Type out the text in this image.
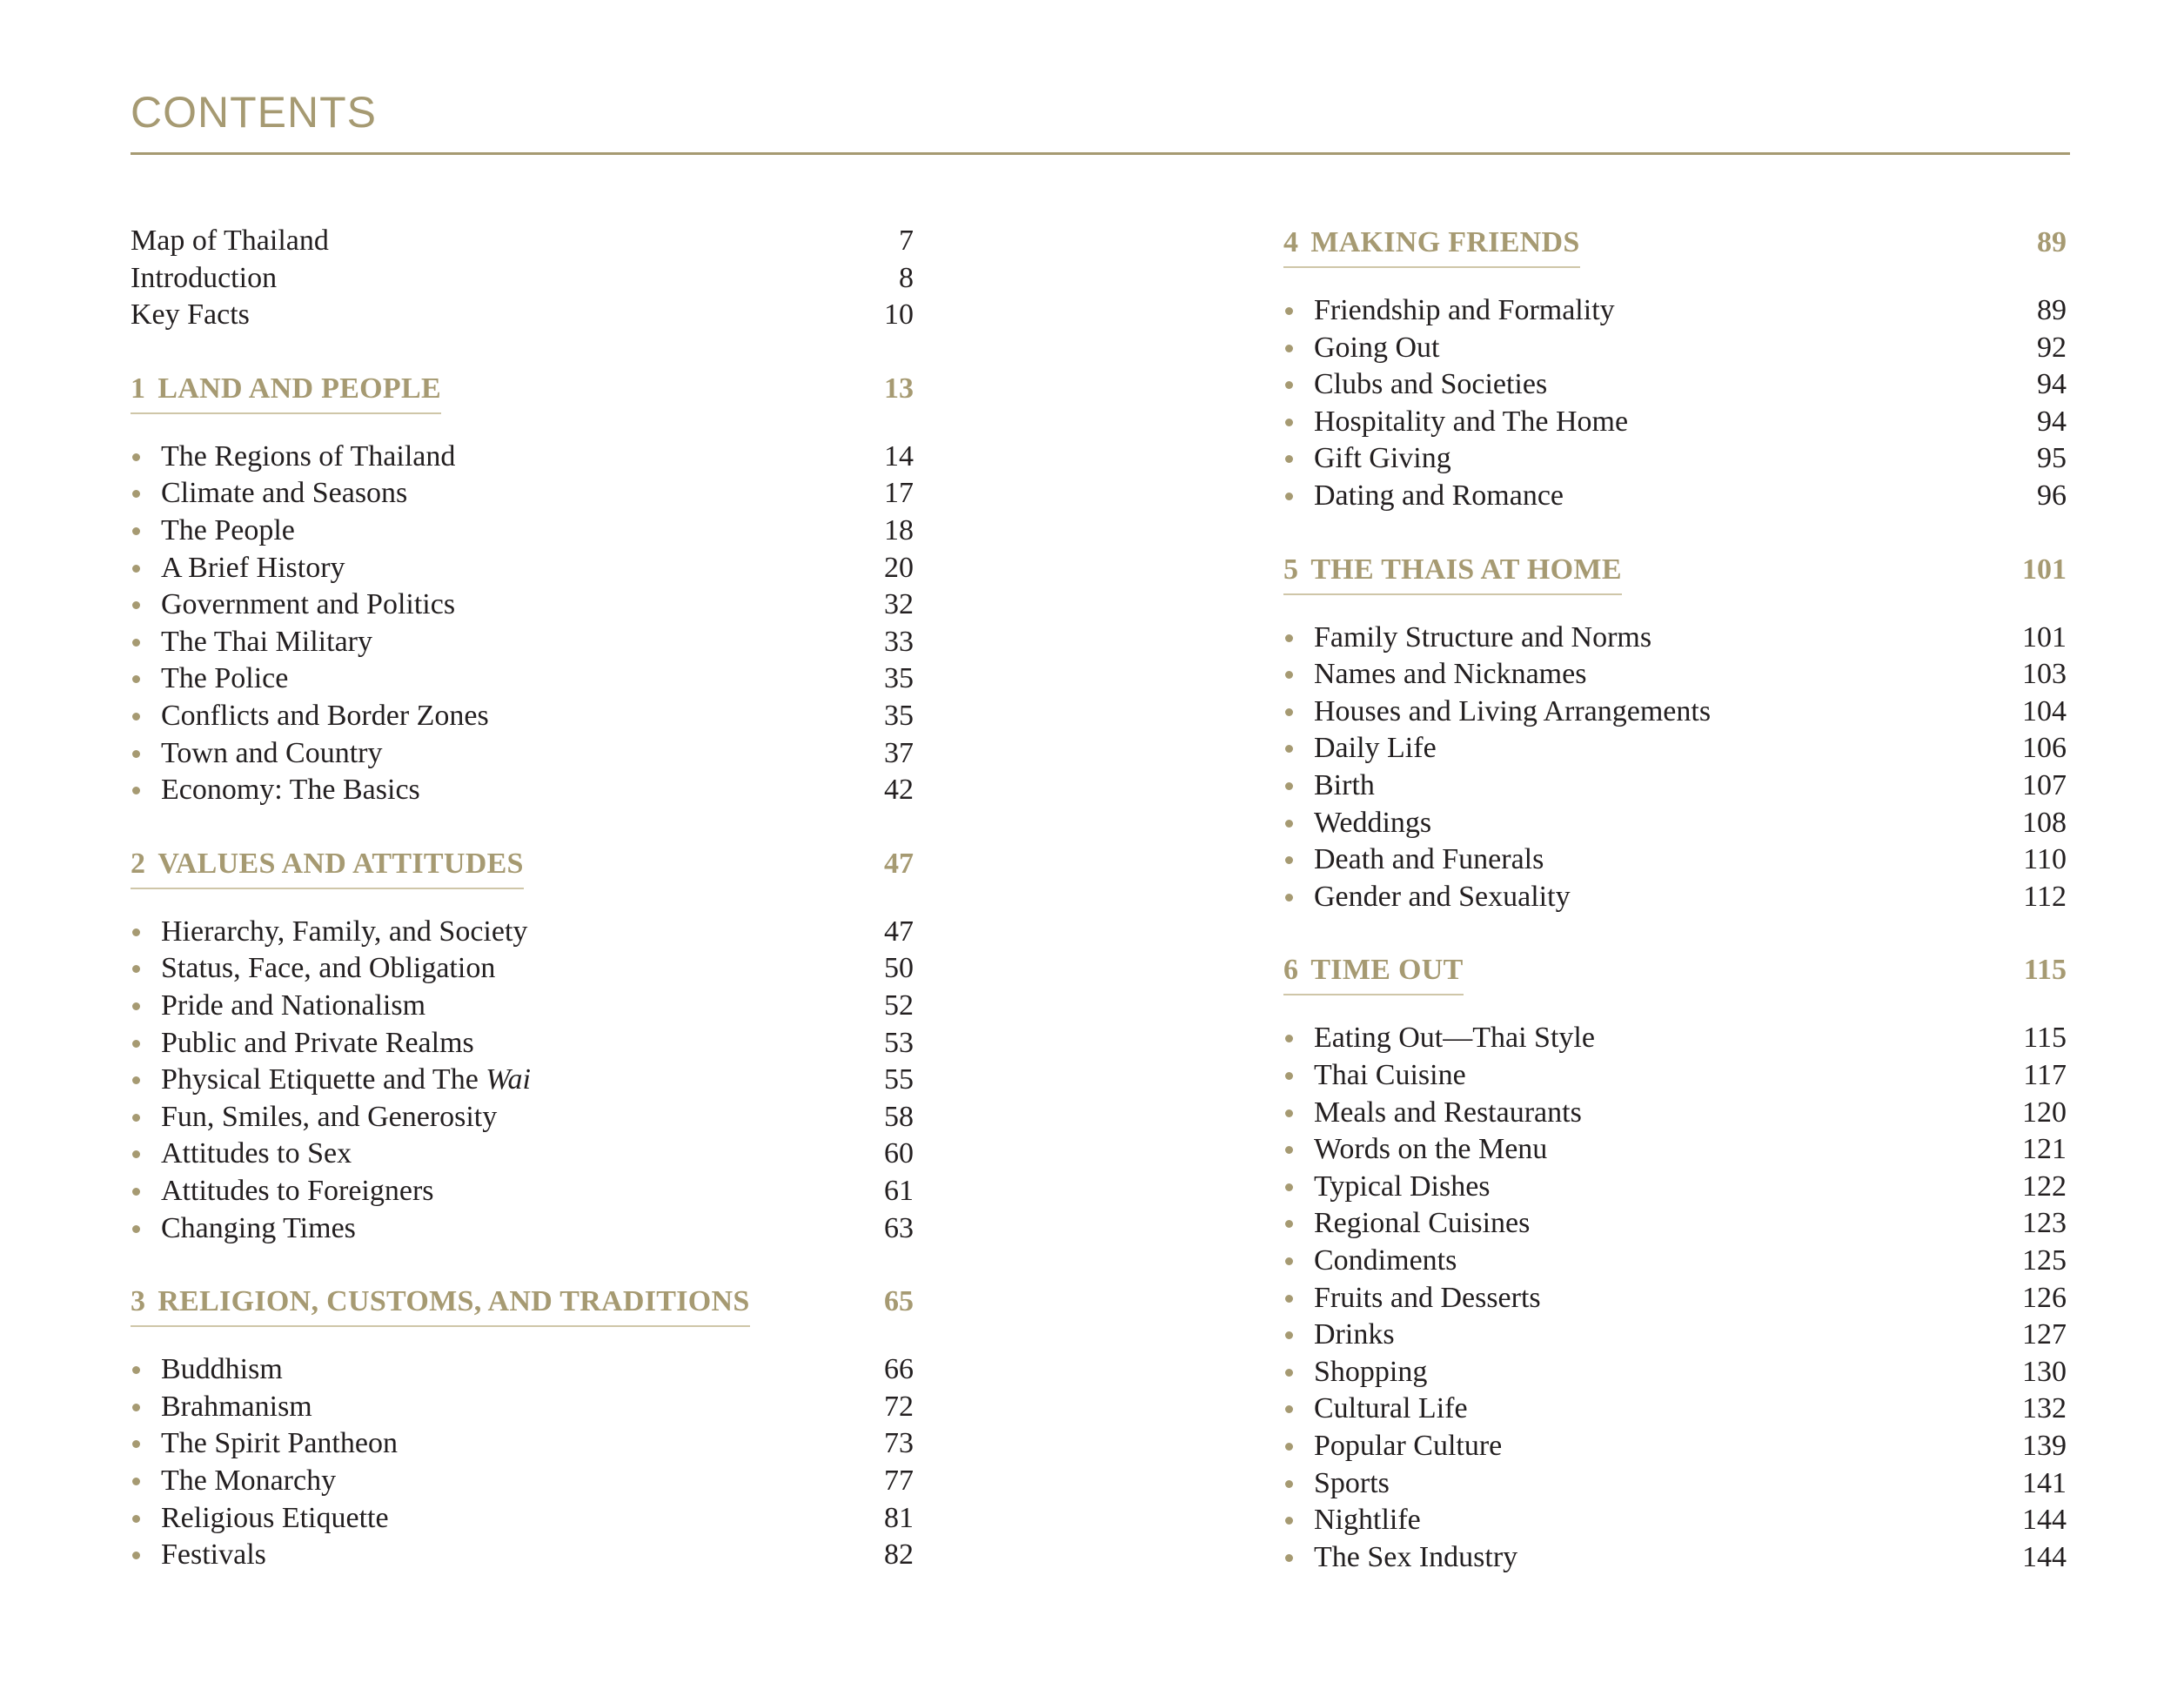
CONTENTS
Map of Thailand	7
Introduction	8
Key Facts	10
1 LAND AND PEOPLE	13
The Regions of Thailand	14
Climate and Seasons	17
The People	18
A Brief History	20
Government and Politics	32
The Thai Military	33
The Police	35
Conflicts and Border Zones	35
Town and Country	37
Economy: The Basics	42
2 VALUES AND ATTITUDES	47
Hierarchy, Family, and Society	47
Status, Face, and Obligation	50
Pride and Nationalism	52
Public and Private Realms	53
Physical Etiquette and The Wai	55
Fun, Smiles, and Generosity	58
Attitudes to Sex	60
Attitudes to Foreigners	61
Changing Times	63
3 RELIGION, CUSTOMS, AND TRADITIONS	65
Buddhism	66
Brahmanism	72
The Spirit Pantheon	73
The Monarchy	77
Religious Etiquette	81
Festivals	82
4 MAKING FRIENDS	89
Friendship and Formality	89
Going Out	92
Clubs and Societies	94
Hospitality and The Home	94
Gift Giving	95
Dating and Romance	96
5 THE THAIS AT HOME	101
Family Structure and Norms	101
Names and Nicknames	103
Houses and Living Arrangements	104
Daily Life	106
Birth	107
Weddings	108
Death and Funerals	110
Gender and Sexuality	112
6 TIME OUT	115
Eating Out—Thai Style	115
Thai Cuisine	117
Meals and Restaurants	120
Words on the Menu	121
Typical Dishes	122
Regional Cuisines	123
Condiments	125
Fruits and Desserts	126
Drinks	127
Shopping	130
Cultural Life	132
Popular Culture	139
Sports	141
Nightlife	144
The Sex Industry	144
